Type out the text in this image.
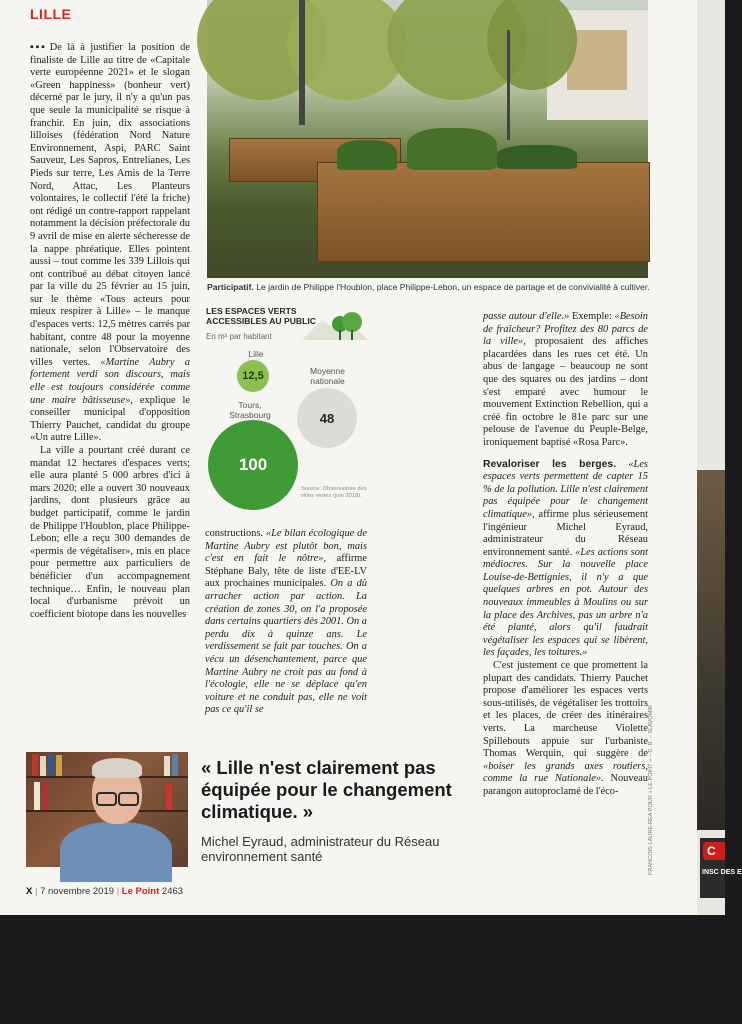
LILLE

▪▪▪ De là à justifier la position de finaliste de Lille au titre de «Capitale verte européenne 2021» et le slogan «Green happiness» (bonheur vert) décerné par le jury, il n'y a qu'un pas que seule la municipalité se risque à franchir. En juin, dix associations lilloises (fédération Nord Nature Environnement, Aspi, PARC Saint Sauveur, Les Sapros, Entrelianes, Les Pieds sur terre, Les Amis de la Terre Nord, Attac, Les Planteurs volontaires, le collectif l'été la friche) ont rédigé un contre-rapport rappelant notamment la décision préfectorale du 9 avril de mise en alerte sécheresse de la nappe phréatique. Elles pointent aussi – tout comme les 339 Lillois qui ont contribué au débat citoyen lancé par la ville du 25 février au 15 juin, sur le thème «Tous acteurs pour mieux respirer à Lille» – le manque d'espaces verts: 12,5 mètres carrés par habitant, contre 48 pour la moyenne nationale, selon l'Observatoire des villes vertes. «Martine Aubry a fortement verdi son discours, mais elle est toujours considérée comme une maire bâtisseuse», explique le conseiller municipal d'opposition Thierry Pauchet, candidat du groupe «Un autre Lille».

La ville a pourtant créé durant ce mandat 12 hectares d'espaces verts; elle aura planté 5 000 arbres d'ici à mars 2020; elle a ouvert 30 nouveaux jardins, dont plusieurs grâce au budget participatif, comme le jardin de Philippe l'Houblon, place Philippe-Lebon; elle a reçu 300 demandes de «permis de végétaliser», mis en place pour permettre aux particuliers de bénéficier d'un accompagnement technique… Enfin, le nouveau plan local d'urbanisme prévoit un coefficient biotope dans les nouvelles

Participatif. Le jardin de Philippe l'Houblon, place Philippe-Lebon, un espace de partage et de convivialité à cultiver.
LES ESPACES VERTS ACCESSIBLES AU PUBLIC
En m² par habitant
Lille
12,5	Moyenne nationale
48
Tours, Strasbourg
100
Source: Observatoire des villes vertes (juin 2018).

constructions. «Le bilan écologique de Martine Aubry est plutôt bon, mais c'est en fait le nôtre», affirme Stéphane Baly, tête de liste d'EE-LV aux prochaines municipales. On a dû arracher action par action. La création de zones 30, on l'a proposée dans certains quartiers dès 2001. On a perdu dix à quinze ans. Le verdissement se fait par touches. On a vécu un désenchantement, parce que Martine Aubry ne croit pas au fond à l'écologie, elle ne se déplace qu'en voiture et ne conduit pas, elle ne voit pas ce qu'il se

passe autour d'elle.» Exemple: «Besoin de fraîcheur? Profitez des 80 parcs de la ville», proposaient des affiches placardées dans les rues cet été. Un abus de langage – beaucoup ne sont que des squares ou des jardins – dont s'est emparé avec humour le mouvement Extinction Rebellion, qui a créé fin octobre le 81e parc sur une pelouse de l'avenue du Peuple-Belge, ironiquement baptisé «Rosa Parc».

Revaloriser les berges. «Les espaces verts permettent de capter 15 % de la pollution. Lille n'est clairement pas équipée pour le changement climatique», affirme plus sérieusement l'ingénieur Michel Eyraud, administrateur du Réseau environnement santé. «Les actions sont médiocres. Sur la nouvelle place Louise-de-Bettignies, il n'y a que quelques arbres en pot. Autour des nouveaux immeubles à Moulins ou sur la place des Archives, pas un arbre n'a été planté, alors qu'il faudrait végétaliser les espaces qui se libèrent, les façades, les toitures.»

C'est justement ce que promettent la plupart des candidats. Thierry Pauchet propose d'améliorer les espaces verts sous-utilisés, de végétaliser les trottoirs et les places, de créer des itinéraires verts. La marcheuse Violette Spillebouts appuie sur l'urbaniste Thomas Werquin, qui suggère de «boiser les grands axes routiers, comme la rue Nationale». Nouveau parangon autoproclamé de l'éco-	FRANCOIS LAURE-REA POUR « LE POINT » – D. R. – SLAVOMIR
« Lille n'est clairement pas équipée pour le changement climatique. »
Michel Eyraud, administrateur du Réseau environnement santé
X | 7 novembre 2019 | Le Point 2463
C
INSC DES E
